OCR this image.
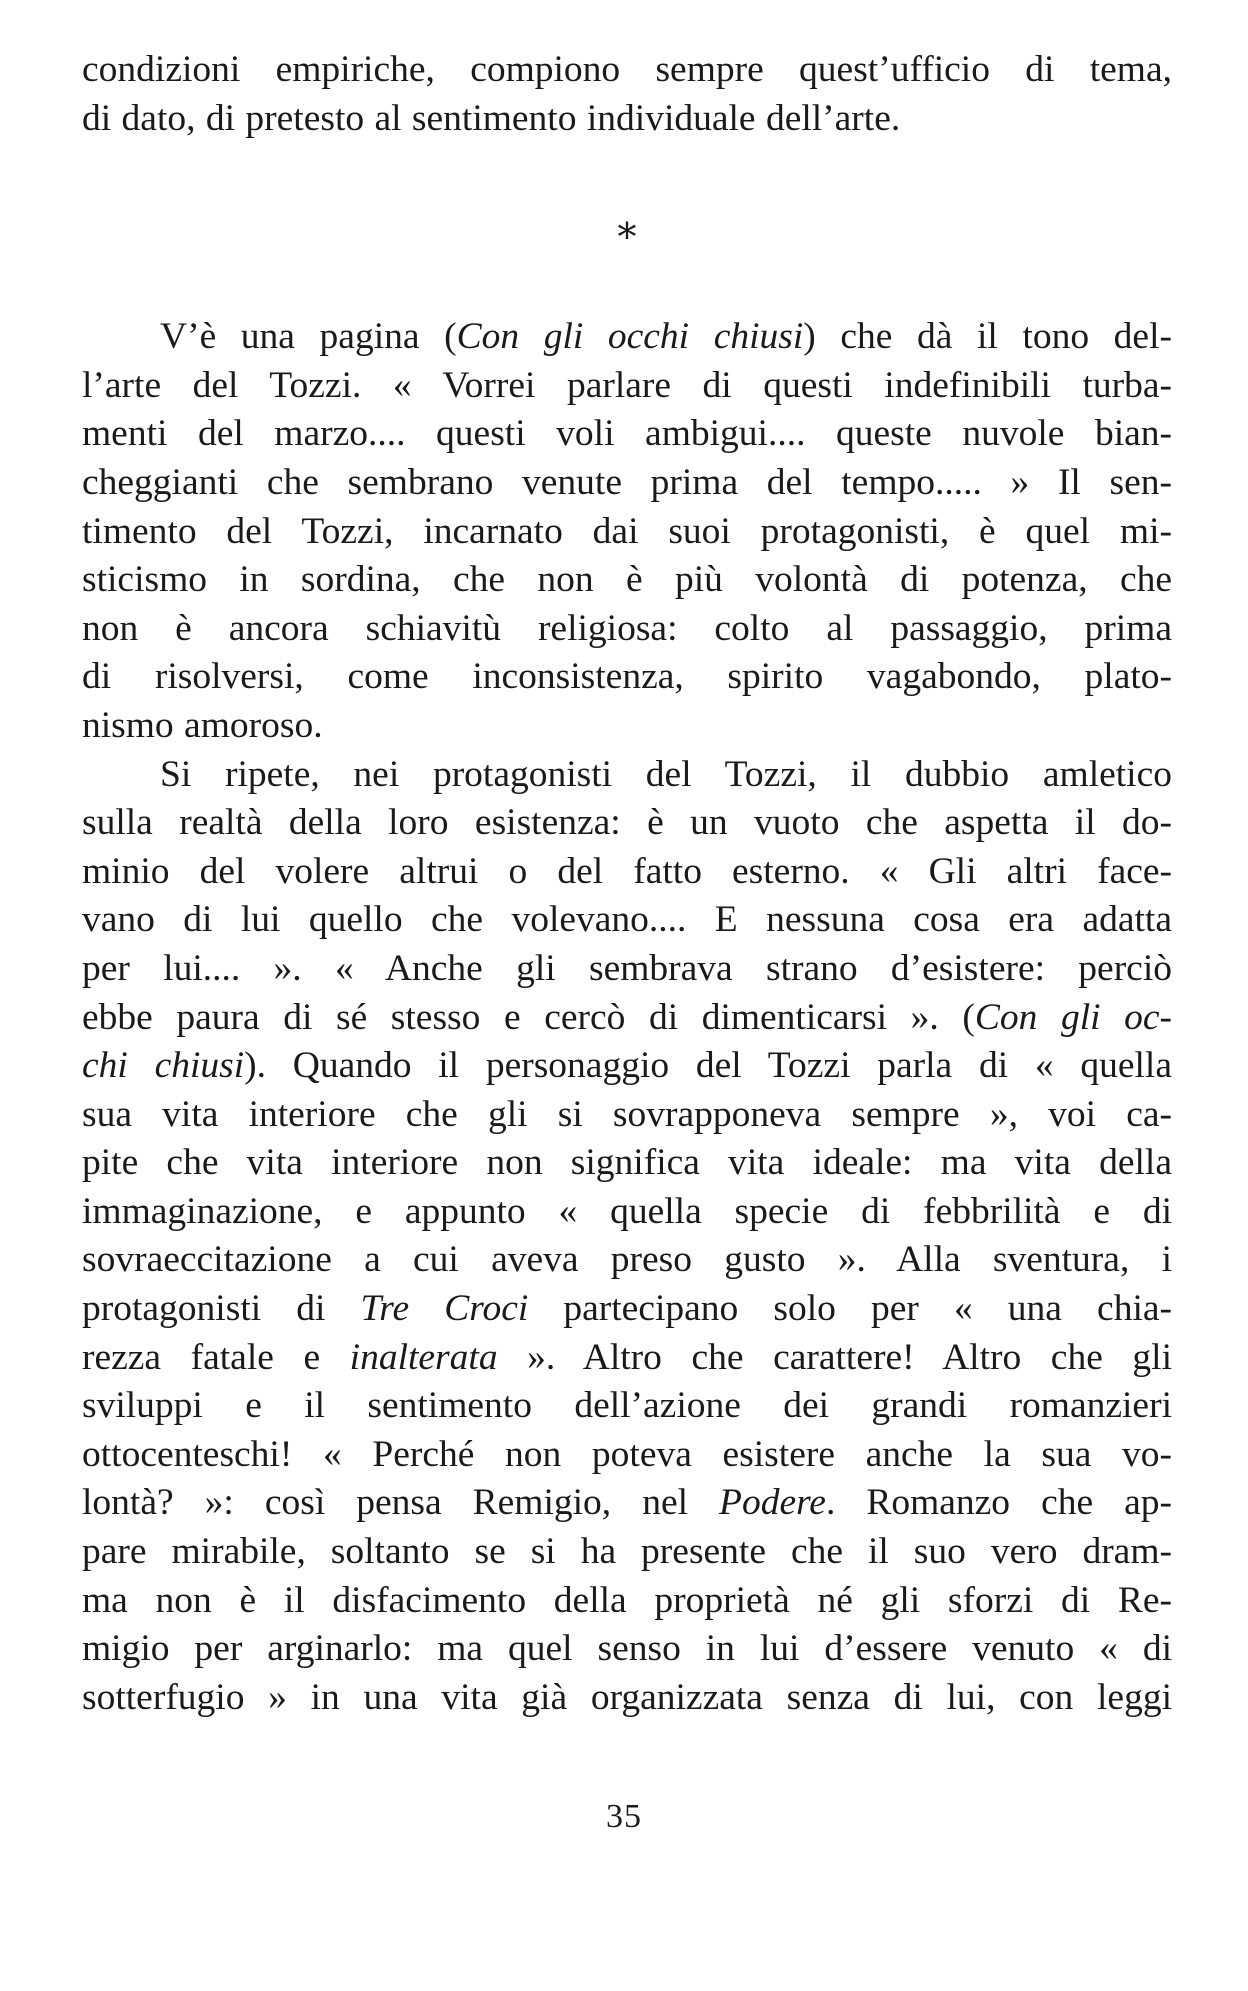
condizioni empiriche, compiono sempre quest’ufficio di tema,
di dato, di pretesto al sentimento individuale dell’arte.

*

V’è una pagina (Con gli occhi chiusi) che dà il tono del-
l’arte del Tozzi. « Vorrei parlare di questi indefinibili turba-
menti del marzo.... questi voli ambigui.... queste nuvole bian-
cheggianti che sembrano venute prima del tempo..... » Il sen-
timento del Tozzi, incarnato dai suoi protagonisti, è quel mi-
sticismo in sordina, che non è più volontà di potenza, che
non è ancora schiavitù religiosa: colto al passaggio, prima
di risolversi, come inconsistenza, spirito vagabondo, plato-
nismo amoroso.

Si ripete, nei protagonisti del Tozzi, il dubbio amletico
sulla realtà della loro esistenza: è un vuoto che aspetta il do-
minio del volere altrui o del fatto esterno. « Gli altri face-
vano di lui quello che volevano.... E nessuna cosa era adatta
per lui.... ». « Anche gli sembrava strano d’esistere: perciò
ebbe paura di sé stesso e cercò di dimenticarsi ». (Con gli oc-
chi chiusi). Quando il personaggio del Tozzi parla di « quella
sua vita interiore che gli si sovrapponeva sempre », voi ca-
pite che vita interiore non significa vita ideale: ma vita della
immaginazione, e appunto « quella specie di febbrilità e di
sovraeccitazione a cui aveva preso gusto ». Alla sventura, i
protagonisti di Tre Croci partecipano solo per « una chia-
rezza fatale e inalterata ». Altro che carattere! Altro che gli
sviluppi e il sentimento dell’azione dei grandi romanzieri
ottocenteschi! « Perché non poteva esistere anche la sua vo-
lontà? »: così pensa Remigio, nel Podere. Romanzo che ap-
pare mirabile, soltanto se si ha presente che il suo vero dram-
ma non è il disfacimento della proprietà né gli sforzi di Re-
migio per arginarlo: ma quel senso in lui d’essere venuto « di
sotterfugio » in una vita già organizzata senza di lui, con leggi

35
